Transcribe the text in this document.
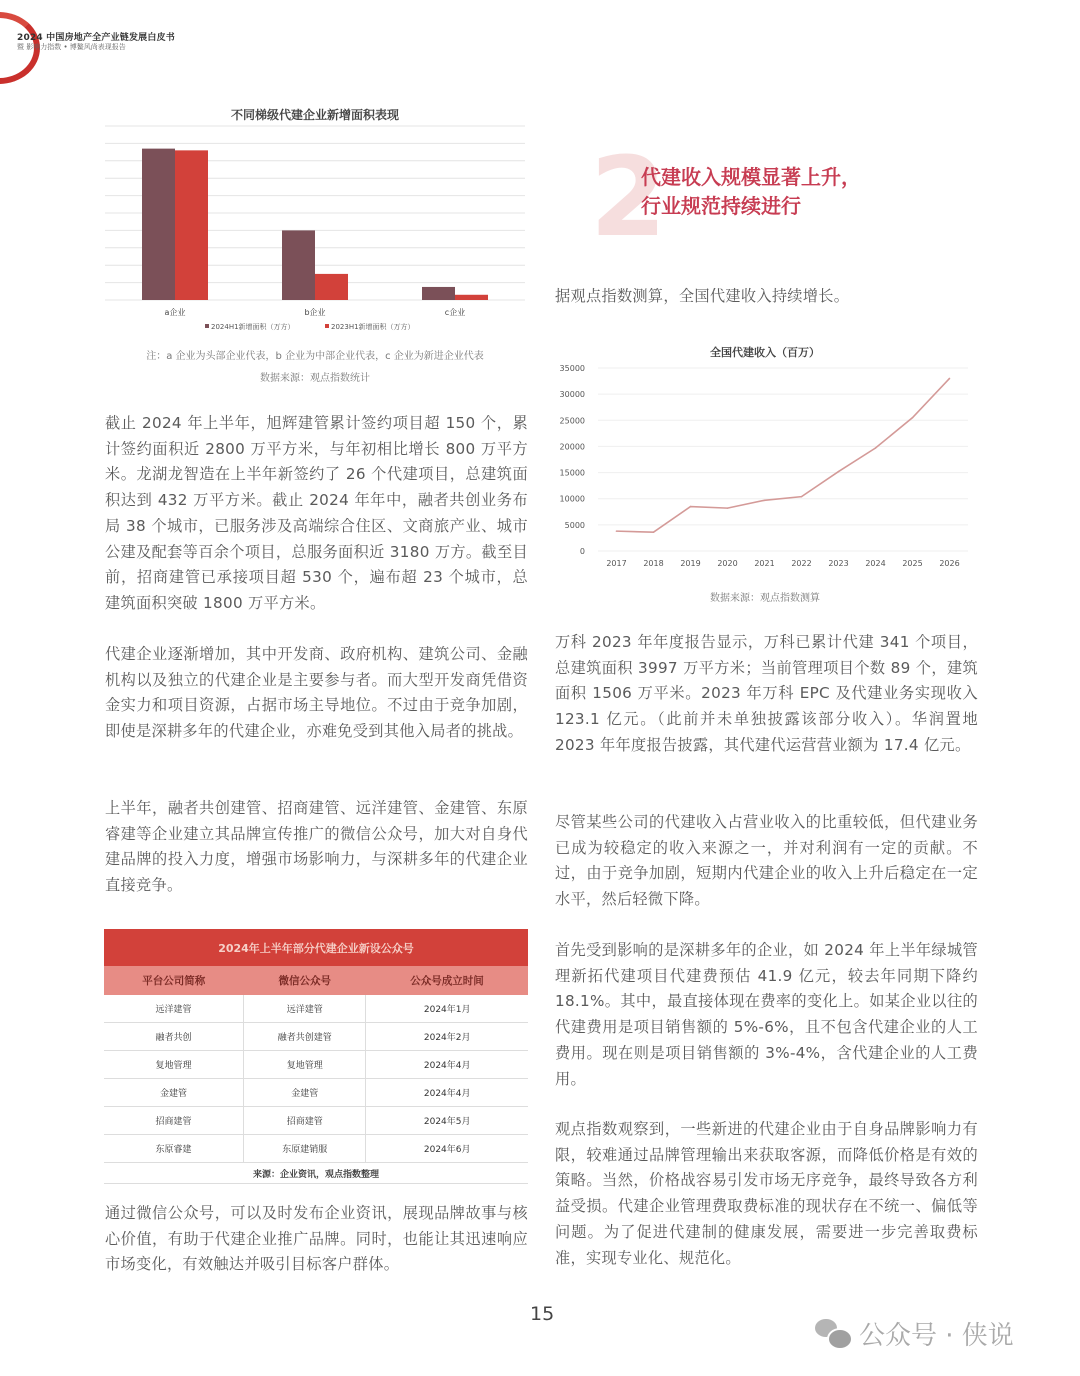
2024 中国房地产全产业链发展白皮书
暨 影响力指数 • 博鳌风尚表现报告
不同梯级代建企业新增面积表现
a企业	b企业	c企业
2024H1新增面积（万方）	2023H1新增面积（万方）
注：a 企业为头部企业代表，b 企业为中部企业代表，c 企业为新进企业代表
数据来源：观点指数统计
截止 2024 年上半年，旭辉建管累计签约项目超 150 个，累计签约面积近 2800 万平方米，与年初相比增长 800 万平方米。龙湖龙智造在上半年新签约了 26 个代建项目，总建筑面积达到 432 万平方米。截止 2024 年年中，融者共创业务布局 38 个城市，已服务涉及高端综合住区、文商旅产业、城市公建及配套等百余个项目，总服务面积近 3180 万方。截至目前，招商建管已承接项目超 530 个，遍布超 23 个城市，总建筑面积突破 1800 万平方米。
代建企业逐渐增加，其中开发商、政府机构、建筑公司、金融机构以及独立的代建企业是主要参与者。而大型开发商凭借资金实力和项目资源，占据市场主导地位。不过由于竞争加剧，即使是深耕多年的代建企业，亦难免受到其他入局者的挑战。
上半年，融者共创建管、招商建管、远洋建管、金建管、东原睿建等企业建立其品牌宣传推广的微信公众号，加大对自身代建品牌的投入力度，增强市场影响力，与深耕多年的代建企业直接竞争。
通过微信公众号，可以及时发布企业资讯，展现品牌故事与核心价值，有助于代建企业推广品牌。同时，也能让其迅速响应市场变化，有效触达并吸引目标客户群体。
2024年上半年部分代建企业新设公众号		
平台公司简称	微信公众号	公众号成立时间
远洋建管	远洋建管	2024年1月
融者共创	融者共创建管	2024年2月
复地管理	复地管理	2024年4月
金建管	金建管	2024年4月
招商建管	招商建管	2024年5月
东原睿建	东原建销服	2024年6月
来源：企业资讯，观点指数整理		
2
代建收入规模显著上升，
行业规范持续进行
据观点指数测算，全国代建收入持续增长。
全国代建收入（百万）
0
5000
10000
15000
20000
25000
30000
35000
2017 2018 2019 2020 2021 2022 2023 2024 2025 2026
数据来源：观点指数测算
万科 2023 年年度报告显示，万科已累计代建 341 个项目，总建筑面积 3997 万平方米；当前管理项目个数 89 个，建筑面积 1506 万平米。2023 年万科 EPC 及代建业务实现收入 123.1 亿元。（此前并未单独披露该部分收入）。华润置地 2023 年年度报告披露，其代建代运营营业额为 17.4 亿元。
尽管某些公司的代建收入占营业收入的比重较低，但代建业务已成为较稳定的收入来源之一，并对利润有一定的贡献。不过，由于竞争加剧，短期内代建企业的收入上升后稳定在一定水平，然后轻微下降。
首先受到影响的是深耕多年的企业，如 2024 年上半年绿城管理新拓代建项目代建费预估 41.9 亿元，较去年同期下降约 18.1%。其中，最直接体现在费率的变化上。如某企业以往的代建费用是项目销售额的 5%-6%，且不包含代建企业的人工费用。现在则是项目销售额的 3%-4%，含代建企业的人工费用。
观点指数观察到，一些新进的代建企业由于自身品牌影响力有限，较难通过品牌管理输出来获取客源，而降低价格是有效的策略。当然，价格战容易引发市场无序竞争，最终导致各方利益受损。代建企业管理费取费标准的现状存在不统一、偏低等问题。为了促进代建制的健康发展，需要进一步完善取费标准，实现专业化、规范化。
15
公众号 · 侠说
